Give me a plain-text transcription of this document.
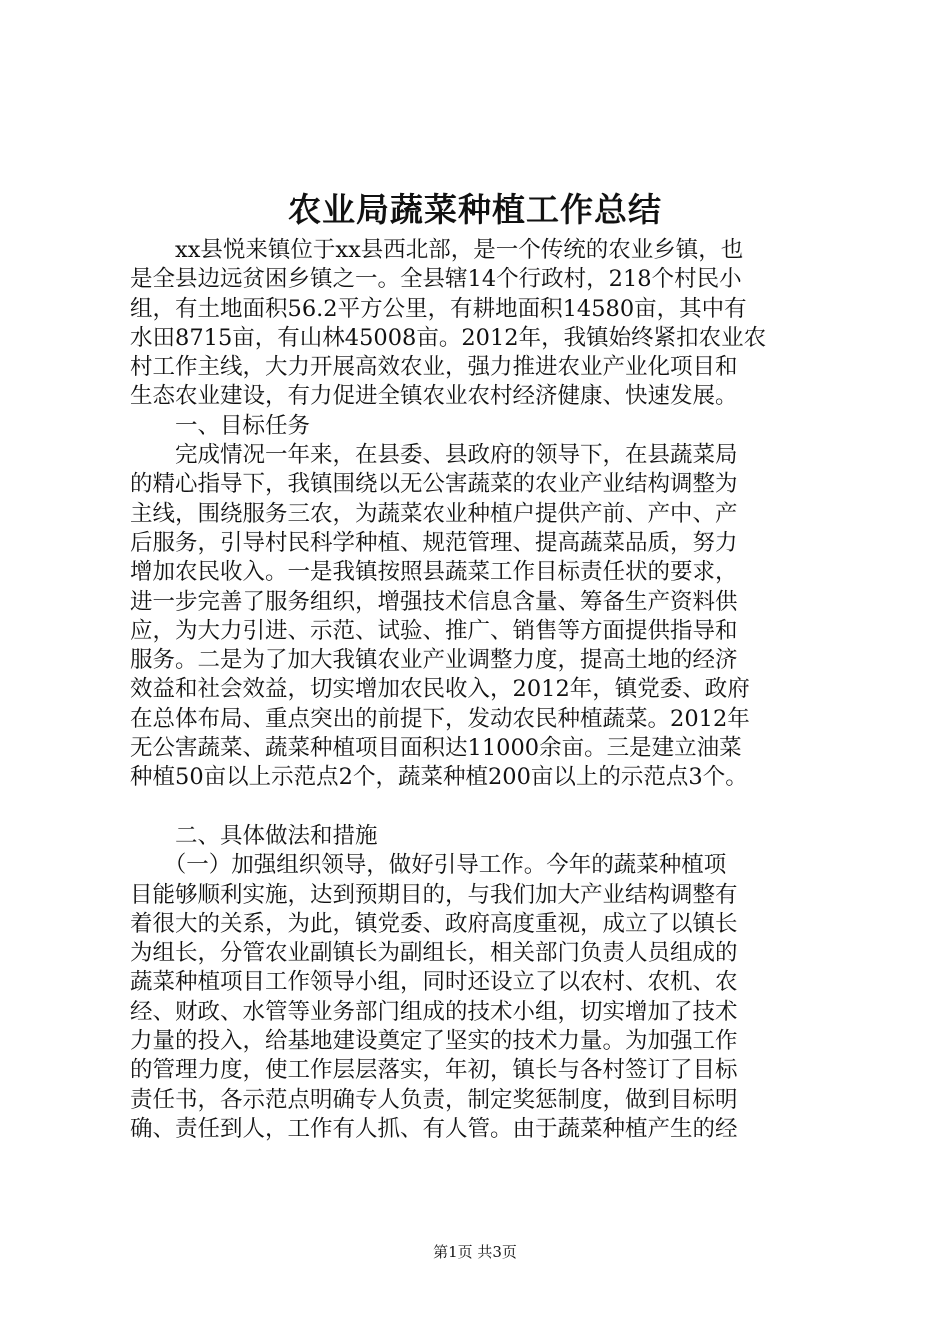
农业局蔬菜种植工作总结

　　xx县悦来镇位于xx县西北部，是一个传统的农业乡镇，也

是全县边远贫困乡镇之一。全县辖14个行政村，218个村民小

组，有土地面积56.2平方公里，有耕地面积14580亩，其中有

水田8715亩，有山林45008亩。2012年，我镇始终紧扣农业农

村工作主线，大力开展高效农业，强力推进农业产业化项目和

生态农业建设，有力促进全镇农业农村经济健康、快速发展。

　　一、目标任务

　　完成情况一年来，在县委、县政府的领导下，在县蔬菜局

的精心指导下，我镇围绕以无公害蔬菜的农业产业结构调整为

主线，围绕服务三农，为蔬菜农业种植户提供产前、产中、产

后服务，引导村民科学种植、规范管理、提高蔬菜品质，努力

增加农民收入。一是我镇按照县蔬菜工作目标责任状的要求，

进一步完善了服务组织，增强技术信息含量、筹备生产资料供

应，为大力引进、示范、试验、推广、销售等方面提供指导和

服务。二是为了加大我镇农业产业调整力度，提高土地的经济

效益和社会效益，切实增加农民收入，2012年，镇党委、政府

在总体布局、重点突出的前提下，发动农民种植蔬菜。2012年

无公害蔬菜、蔬菜种植项目面积达11000余亩。三是建立油菜

种植50亩以上示范点2个，蔬菜种植200亩以上的示范点3个。

　　二、具体做法和措施

　　（一）加强组织领导，做好引导工作。今年的蔬菜种植项

目能够顺利实施，达到预期目的，与我们加大产业结构调整有

着很大的关系，为此，镇党委、政府高度重视，成立了以镇长

为组长，分管农业副镇长为副组长，相关部门负责人员组成的

蔬菜种植项目工作领导小组，同时还设立了以农村、农机、农

经、财政、水管等业务部门组成的技术小组，切实增加了技术

力量的投入，给基地建设奠定了坚实的技术力量。为加强工作

的管理力度，使工作层层落实，年初，镇长与各村签订了目标

责任书，各示范点明确专人负责，制定奖惩制度，做到目标明

确、责任到人，工作有人抓、有人管。由于蔬菜种植产生的经

第1页 共3页
